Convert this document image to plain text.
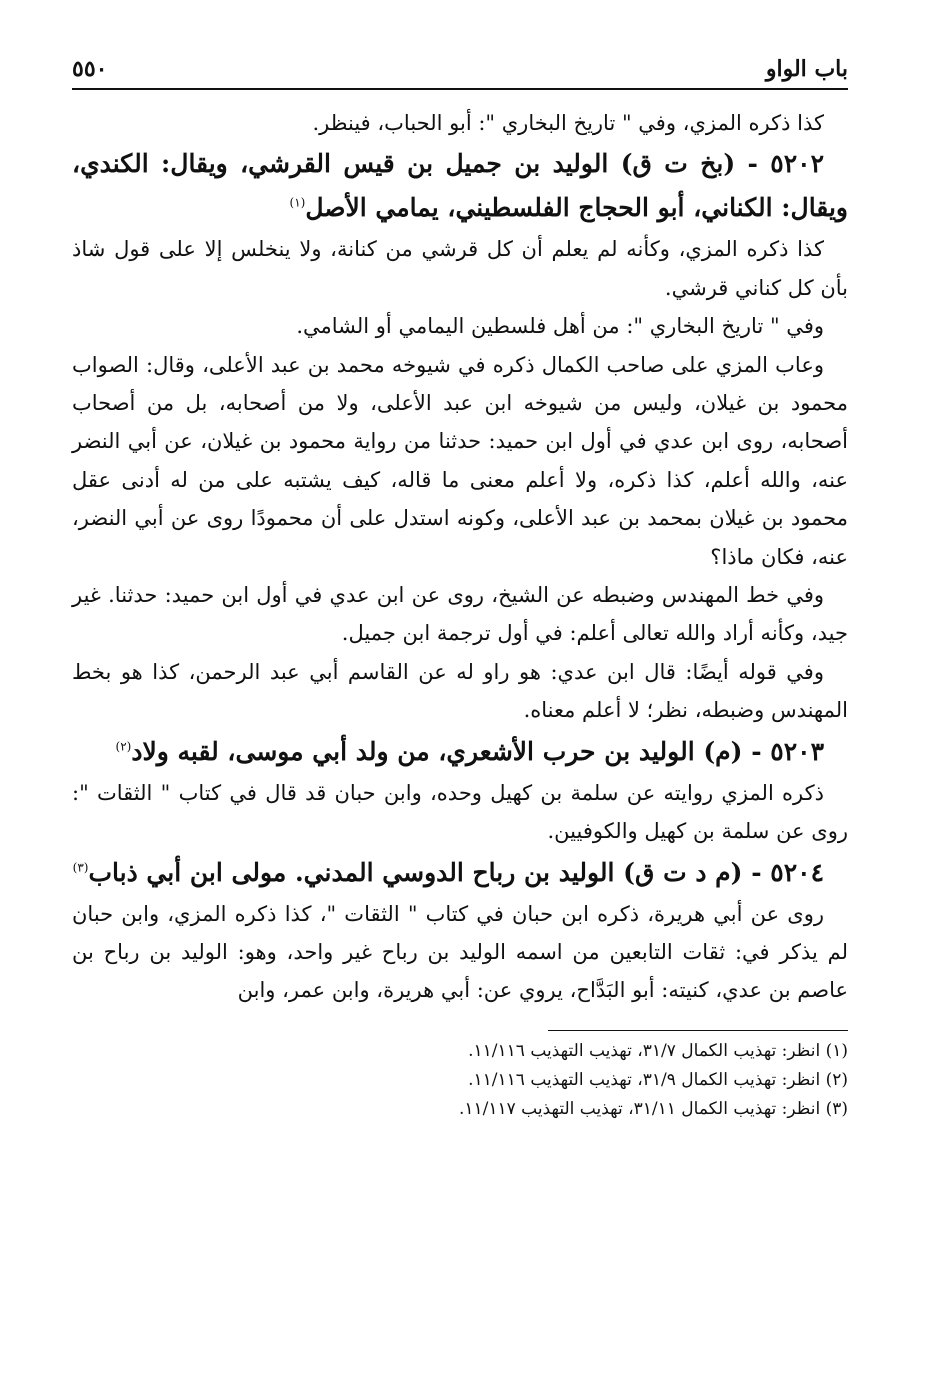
باب الواو
٥٥٠

كذا ذكره المزي، وفي " تاريخ البخاري ": أبو الحباب، فينظر.

٥٢٠٢ - (بخ ت ق) الوليد بن جميل بن قيس القرشي، ويقال: الكندي، ويقال: الكناني، أبو الحجاج الفلسطيني، يمامي الأصل$^{(١)}$

كذا ذكره المزي، وكأنه لم يعلم أن كل قرشي من كنانة، ولا ينخلس إلا على قول شاذ بأن كل كناني قرشي.

وفي " تاريخ البخاري ": من أهل فلسطين اليمامي أو الشامي.

وعاب المزي على صاحب الكمال ذكره في شيوخه محمد بن عبد الأعلى، وقال: الصواب محمود بن غيلان، وليس من شيوخه ابن عبد الأعلى، ولا من أصحابه، بل من أصحاب أصحابه، روى ابن عدي في أول ابن حميد: حدثنا من رواية محمود بن غيلان، عن أبي النضر عنه، والله أعلم، كذا ذكره، ولا أعلم معنى ما قاله، كيف يشتبه على من له أدنى عقل محمود بن غيلان بمحمد بن عبد الأعلى، وكونه استدل على أن محمودًا روى عن أبي النضر، عنه، فكان ماذا؟

وفي خط المهندس وضبطه عن الشيخ، روى عن ابن عدي في أول ابن حميد: حدثنا. غير جيد، وكأنه أراد والله تعالى أعلم: في أول ترجمة ابن جميل.

وفي قوله أيضًا: قال ابن عدي: هو راو له عن القاسم أبي عبد الرحمن، كذا هو بخط المهندس وضبطه، نظر؛ لا أعلم معناه.

٥٢٠٣ - (م) الوليد بن حرب الأشعري، من ولد أبي موسى، لقبه ولاد$^{(٢)}$

ذكره المزي روايته عن سلمة بن كهيل وحده، وابن حبان قد قال في كتاب " الثقات ": روى عن سلمة بن كهيل والكوفيين.

٥٢٠٤ - (م د ت ق) الوليد بن رباح الدوسي المدني. مولى ابن أبي ذباب$^{(٣)}$

روى عن أبي هريرة، ذكره ابن حبان في كتاب " الثقات "، كذا ذكره المزي، وابن حبان لم يذكر في: ثقات التابعين من اسمه الوليد بن رباح غير واحد، وهو: الوليد بن رباح بن عاصم بن عدي، كنيته: أبو البَدَّاح، يروي عن: أبي هريرة، وابن عمر، وابن

(١) انظر: تهذيب الكمال ٣١/٧، تهذيب التهذيب ١١/١١٦.
(٢) انظر: تهذيب الكمال ٣١/٩، تهذيب التهذيب ١١/١١٦.
(٣) انظر: تهذيب الكمال ٣١/١١، تهذيب التهذيب ١١/١١٧.
